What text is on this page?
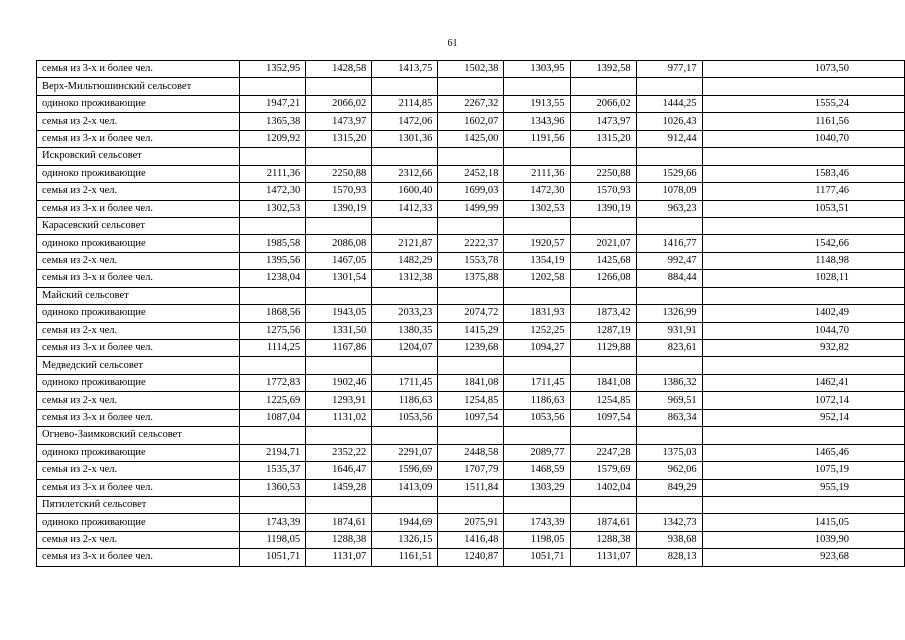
61
семья из 3-х и более чел.	1352,95	1428,58	1413,75	1502,38	1303,95	1392,58	977,17	1073,50
Верх-Мильтюшинский сельсовет								
одиноко проживающие	1947,21	2066,02	2114,85	2267,32	1913,55	2066,02	1444,25	1555,24
семья из 2-х чел.	1365,38	1473,97	1472,06	1602,07	1343,96	1473,97	1026,43	1161,56
семья из 3-х и более чел.	1209,92	1315,20	1301,36	1425,00	1191,56	1315,20	912,44	1040,70
Искровский сельсовет								
одиноко проживающие	2111,36	2250,88	2312,66	2452,18	2111,36	2250,88	1529,66	1583,46
семья из 2-х чел.	1472,30	1570,93	1600,40	1699,03	1472,30	1570,93	1078,09	1177,46
семья из 3-х и более чел.	1302,53	1390,19	1412,33	1499,99	1302,53	1390,19	963,23	1053,51
Карасевский сельсовет								
одиноко проживающие	1985,58	2086,08	2121,87	2222,37	1920,57	2021,07	1416,77	1542,66
семья из 2-х чел.	1395,56	1467,05	1482,29	1553,78	1354,19	1425,68	992,47	1148,98
семья из 3-х и более чел.	1238,04	1301,54	1312,38	1375,88	1202,58	1266,08	884,44	1028,11
Майский сельсовет								
одиноко проживающие	1868,56	1943,05	2033,23	2074,72	1831,93	1873,42	1326,99	1402,49
семья из 2-х чел.	1275,56	1331,50	1380,35	1415,29	1252,25	1287,19	931,91	1044,70
семья из 3-х и более чел.	1114,25	1167,86	1204,07	1239,68	1094,27	1129,88	823,61	932,82
Медведский сельсовет								
одиноко проживающие	1772,83	1902,46	1711,45	1841,08	1711,45	1841,08	1386,32	1462,41
семья из 2-х чел.	1225,69	1293,91	1186,63	1254,85	1186,63	1254,85	969,51	1072,14
семья из 3-х и более чел.	1087,04	1131,02	1053,56	1097,54	1053,56	1097,54	863,34	952,14
Огнево-Заимковский сельсовет								
одиноко проживающие	2194,71	2352,22	2291,07	2448,58	2089,77	2247,28	1375,03	1465,46
семья из 2-х чел.	1535,37	1646,47	1596,69	1707,79	1468,59	1579,69	962,06	1075,19
семья из 3-х и более чел.	1360,53	1459,28	1413,09	1511,84	1303,29	1402,04	849,29	955,19
Пятилетский сельсовет								
одиноко проживающие	1743,39	1874,61	1944,69	2075,91	1743,39	1874,61	1342,73	1415,05
семья из 2-х чел.	1198,05	1288,38	1326,15	1416,48	1198,05	1288,38	938,68	1039,90
семья из 3-х и более чел.	1051,71	1131,07	1161,51	1240,87	1051,71	1131,07	828,13	923,68
